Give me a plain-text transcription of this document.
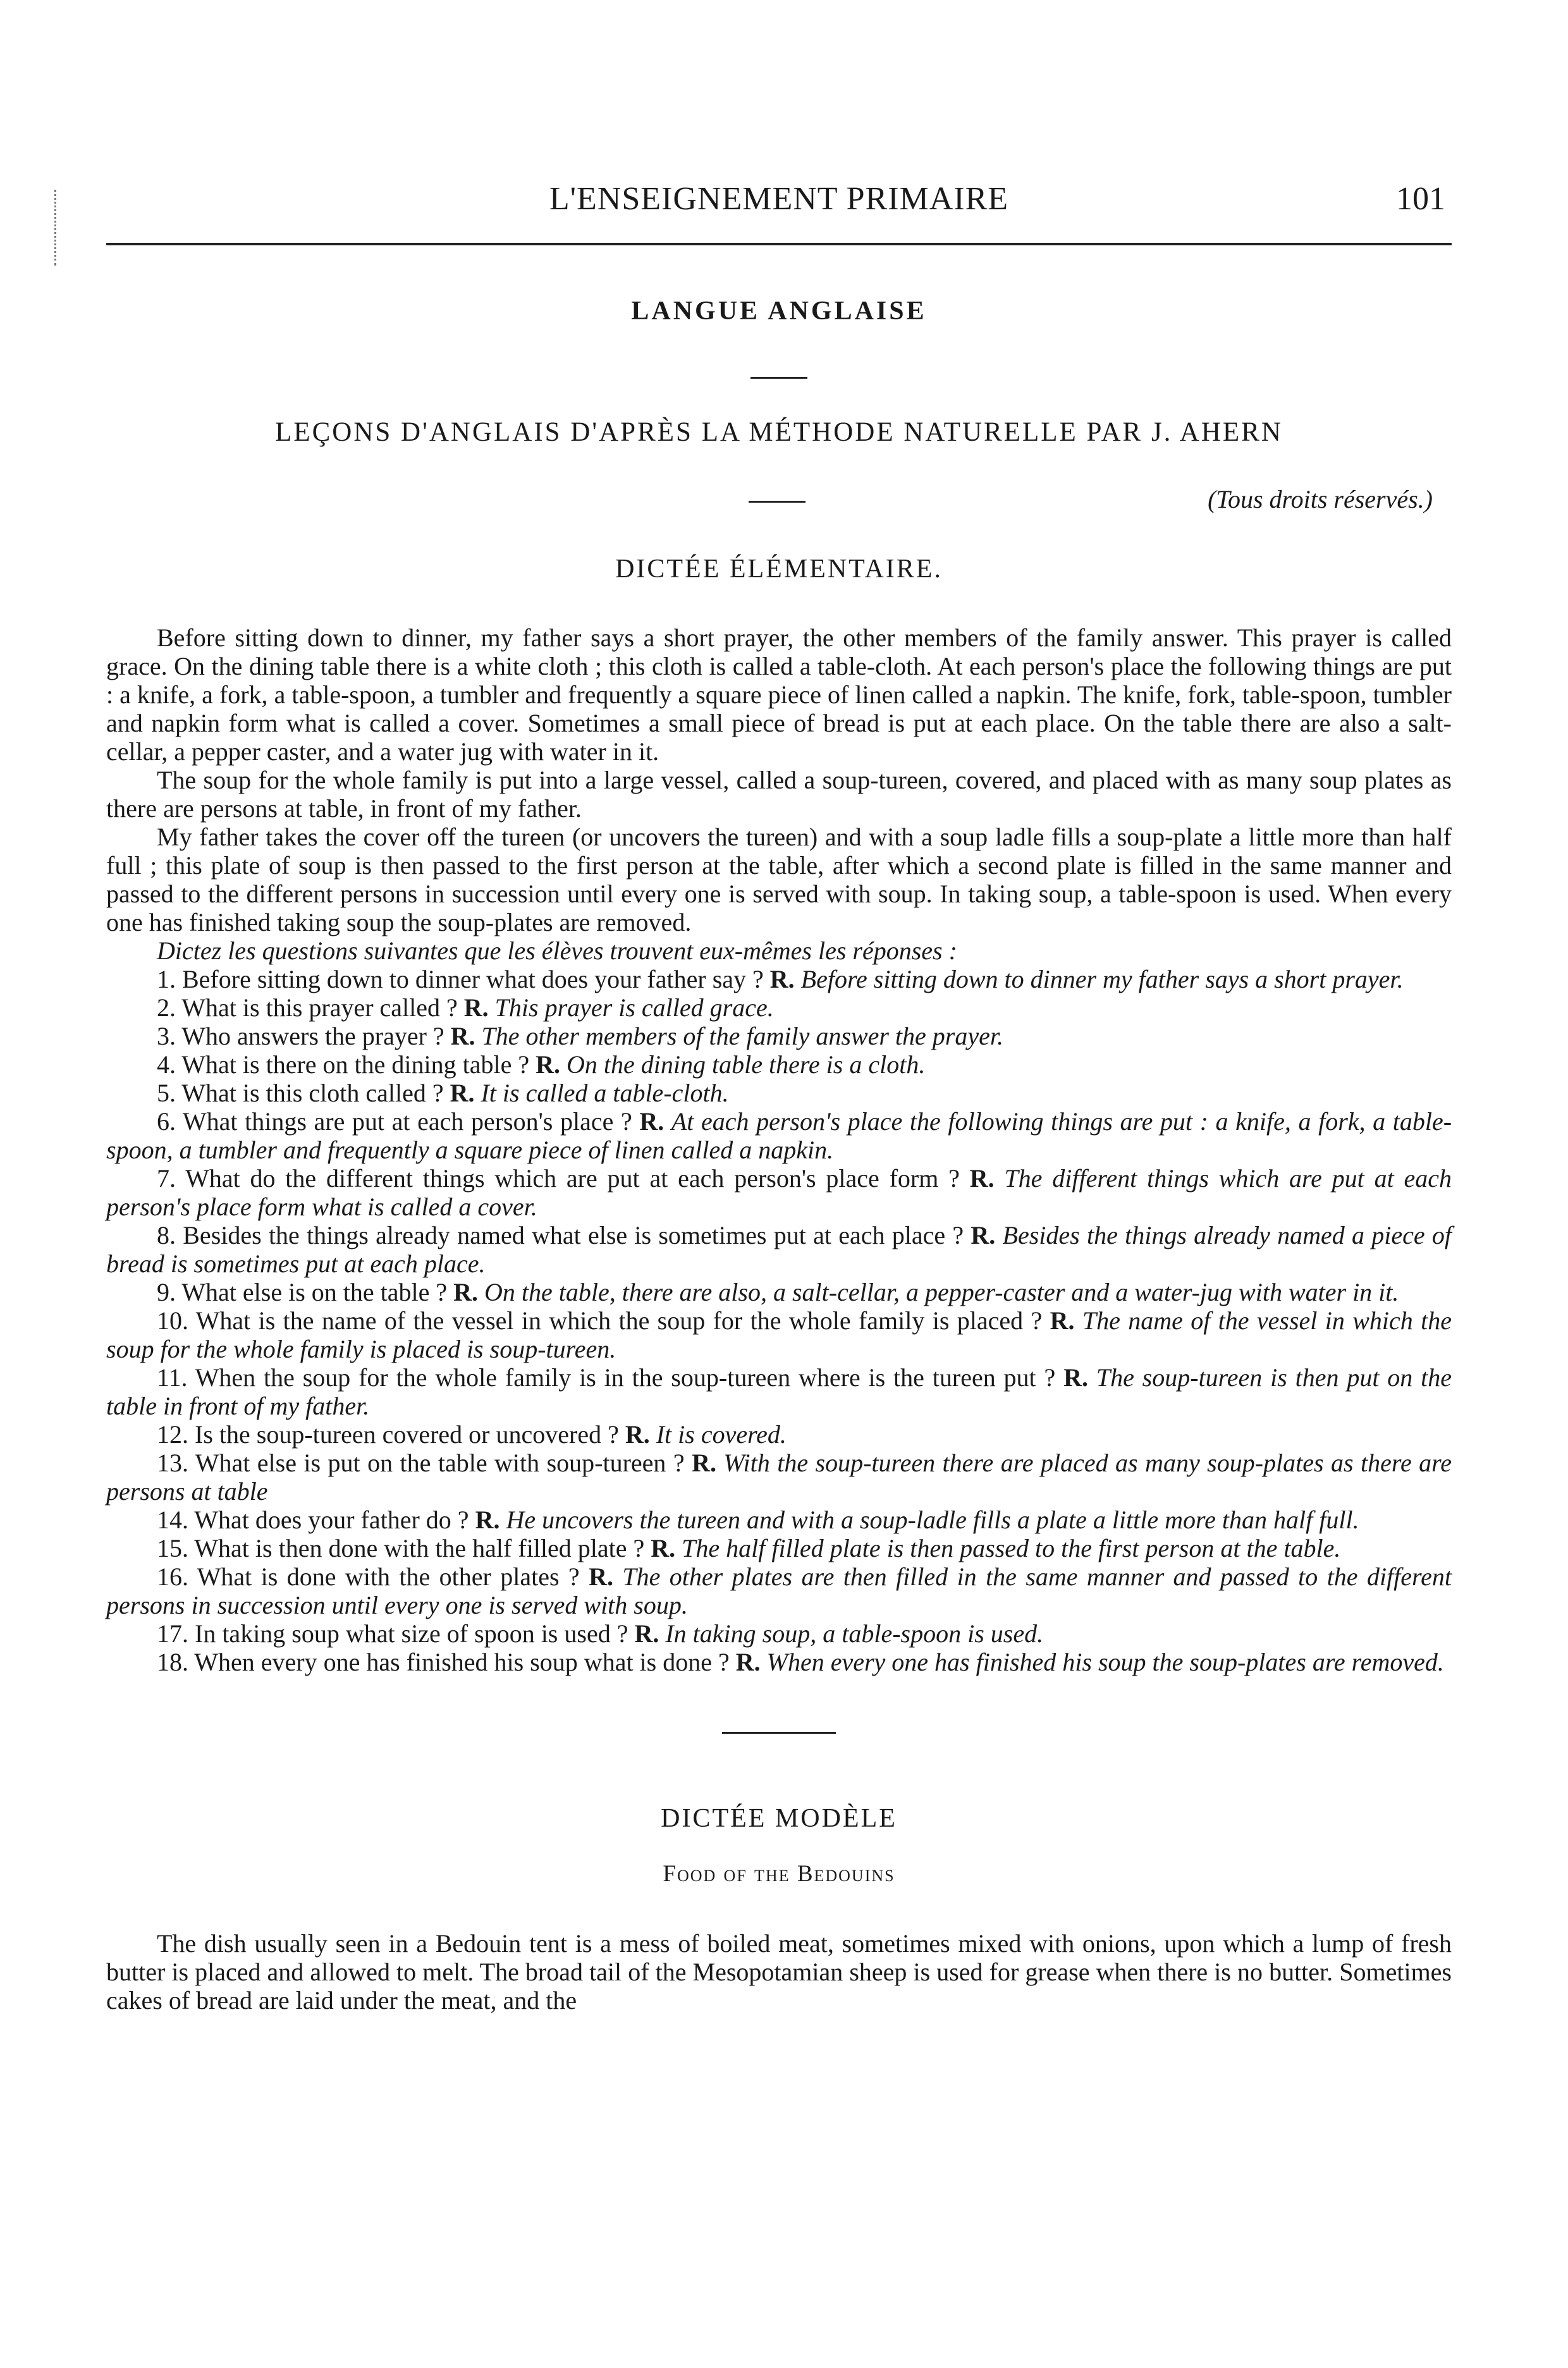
L'ENSEIGNEMENT PRIMAIRE	101
LANGUE ANGLAISE
LEÇONS D'ANGLAIS D'APRÈS LA MÉTHODE NATURELLE PAR J. AHERN
(Tous droits réservés.)
DICTÉE ÉLÉMENTAIRE.

Before sitting down to dinner, my father says a short prayer, the other members of the family answer. This prayer is called grace. On the dining table there is a white cloth ; this cloth is called a table-cloth. At each person's place the following things are put : a knife, a fork, a table-spoon, a tumbler and frequently a square piece of linen called a napkin. The knife, fork, table-spoon, tumbler and napkin form what is called a cover. Sometimes a small piece of bread is put at each place. On the table there are also a salt-cellar, a pepper caster, and a water jug with water in it.

The soup for the whole family is put into a large vessel, called a soup-tureen, covered, and placed with as many soup plates as there are persons at table, in front of my father.

My father takes the cover off the tureen (or uncovers the tureen) and with a soup ladle fills a soup-plate a little more than half full ; this plate of soup is then passed to the first person at the table, after which a second plate is filled in the same manner and passed to the different persons in succession until every one is served with soup. In taking soup, a table-spoon is used. When every one has finished taking soup the soup-plates are removed.

Dictez les questions suivantes que les élèves trouvent eux-mêmes les réponses :

1. Before sitting down to dinner what does your father say ? R. Before sitting down to dinner my father says a short prayer.

2. What is this prayer called ? R. This prayer is called grace.

3. Who answers the prayer ? R. The other members of the family answer the prayer.

4. What is there on the dining table ? R. On the dining table there is a cloth.

5. What is this cloth called ? R. It is called a table-cloth.

6. What things are put at each person's place ? R. At each person's place the following things are put : a knife, a fork, a table-spoon, a tumbler and frequently a square piece of linen called a napkin.

7. What do the different things which are put at each person's place form ? R. The different things which are put at each person's place form what is called a cover.

8. Besides the things already named what else is sometimes put at each place ? R. Besides the things already named a piece of bread is sometimes put at each place.

9. What else is on the table ? R. On the table, there are also, a salt-cellar, a pepper-caster and a water-jug with water in it.

10. What is the name of the vessel in which the soup for the whole family is placed ? R. The name of the vessel in which the soup for the whole family is placed is soup-tureen.

11. When the soup for the whole family is in the soup-tureen where is the tureen put ? R. The soup-tureen is then put on the table in front of my father.

12. Is the soup-tureen covered or uncovered ? R. It is covered.

13. What else is put on the table with soup-tureen ? R. With the soup-tureen there are placed as many soup-plates as there are persons at table

14. What does your father do ? R. He uncovers the tureen and with a soup-ladle fills a plate a little more than half full.

15. What is then done with the half filled plate ? R. The half filled plate is then passed to the first person at the table.

16. What is done with the other plates ? R. The other plates are then filled in the same manner and passed to the different persons in succession until every one is served with soup.

17. In taking soup what size of spoon is used ? R. In taking soup, a table-spoon is used.

18. When every one has finished his soup what is done ? R. When every one has finished his soup the soup-plates are removed.

DICTÉE MODÈLE
Food of the Bedouins

The dish usually seen in a Bedouin tent is a mess of boiled meat, sometimes mixed with onions, upon which a lump of fresh butter is placed and allowed to melt. The broad tail of the Mesopotamian sheep is used for grease when there is no butter. Sometimes cakes of bread are laid under the meat, and the
